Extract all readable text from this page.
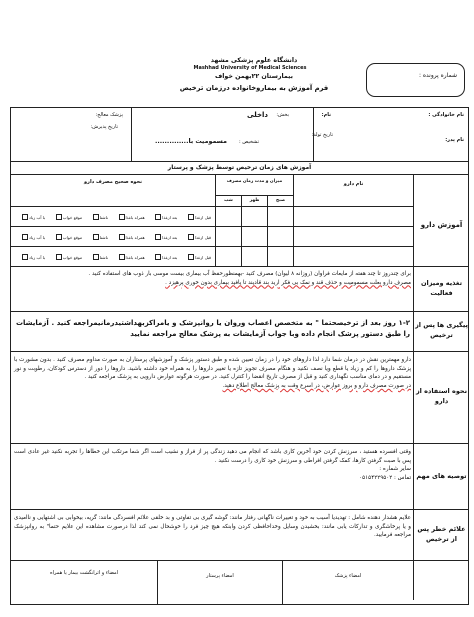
شماره پرونده :
دانشگاه علوم پزشکی مشهد
Mashhad University of Medical Sciences
بیمارستان ۲۲بهمن خواف
فرم آموزش به بیماروخانواده درزمان ترخیص
نام خانوادگی :
نام:
بخش:
داخلی
پزشک معالج:
نام پدر:
تاریخ تولد:
تشخیص :
مسمومیت با..............
تاریخ پذیرش:
آموزش های زمان ترخیص توسط پزشک و پرستار
آموزش دارو
نام دارو
میزان و مدت زمان مصرف
نحوه صحیح مصرف دارو
صبح
ظهر
شب
قبل ازغذا
بعد ازغذا
همراه باغذا
ناشتا
موقع خواب
با آب زیاد
قبل ازغذا
بعد ازغذا
همراه باغذا
ناشتا
موقع خواب
با آب زیاد
قبل ازغذا
بعد ازغذا
همراه باغذا
ناشتا
موقع خواب
با آب زیاد
تغذیه ومیزان فعالیت
برای چندروز تا چند هفته از مایعات فراوان (روزانه ۸ لیوان) مصرف کنید -بهمنظورحفظ آب بیماری بیست موسی بار ذوب های استفاده کنید .
مصرف دارو بعلت مسمومیت و حذف قند و نمک بی فکر ارید بند قادیند تا یافید بیماری بدون خوری پرهیزد .
پیگیری ها پس از ترخیص
۱-۲ روز بعد از ترخیصحتما " به متخصص اعصاب وروان یا روانپزشک و یامراکزبهداشتیدرمانیمراجعه کنید . آزمایشات را طبق دستور پزشک انجام داده وبا جواب آزمایشات به پزشک معالج مراجعه نمایید
نحوه استفاده از دارو
دارو مهمترین نقش در درمان شما دارد لذا داروهای خود را در زمان تعیین شده و طبق دستور پزشک و آموزشهای پرستاران به صورت مداوم مصرف کنید . بدون مشورت با پزشک داروها را کم و زیاد یا قطع ویا نصف نکنید و هنگام مصرف تجویز تازه یا تغییر داروها را به همراه خود داشته باشید. داروها را دور از دسترس کودکان، رطوبت و نور مستقیم و در دمای مناسب نگهداری کنید و قبل از مصرف تاریخ انقضا را کنترل کنید. در صورت هرگونه عوارض دارویی به پزشک مراجعه کنید .
در صورت مصرف دارو و بروز عوارض، در اسرع وقت به پزشک معالج اطلاع دهید.
توصیه های مهم
وقتی افسرده هستید ، سرزنش کردن خود آخرین کاری باشد که انجام می دهید زندگی پر از فراز و نشیب است اگر شما مرتکب این خطاها را تجربه نکنید غیر عادی است پس با صبت گرفتن کارها، کمک گرفتن افراطی و سرزنش خود کاری را درست نکنید .
سایر شماره :
تماس : ۰۵۱۵۴۲۲۹۵۰۲
علائم خطر پس از ترخیص
علایم هشدار دهنده شامل : تهدیدیا آسیب به خود و تغییرات ناگهانی رفتار مانند: گوشه گیری بی تفاوتی و بد خلقی علائم افسردگی مانند: گریه، بیخوابی بی اشتهایی و ناامیدی و یا پرخاشگری و تداركات یابی مانند: بخشیدن وسایل وخداحافظی کردن وابنکه هیچ چیز فرد را خوشحال نمی کند لذا درصورت مشاهده این علایم حتما" به روانپزشک مراجعه فرمایید.
امضاء پزشک
امضاء پرستار
امضاء و اثرانگشت بیمار یا همراه
